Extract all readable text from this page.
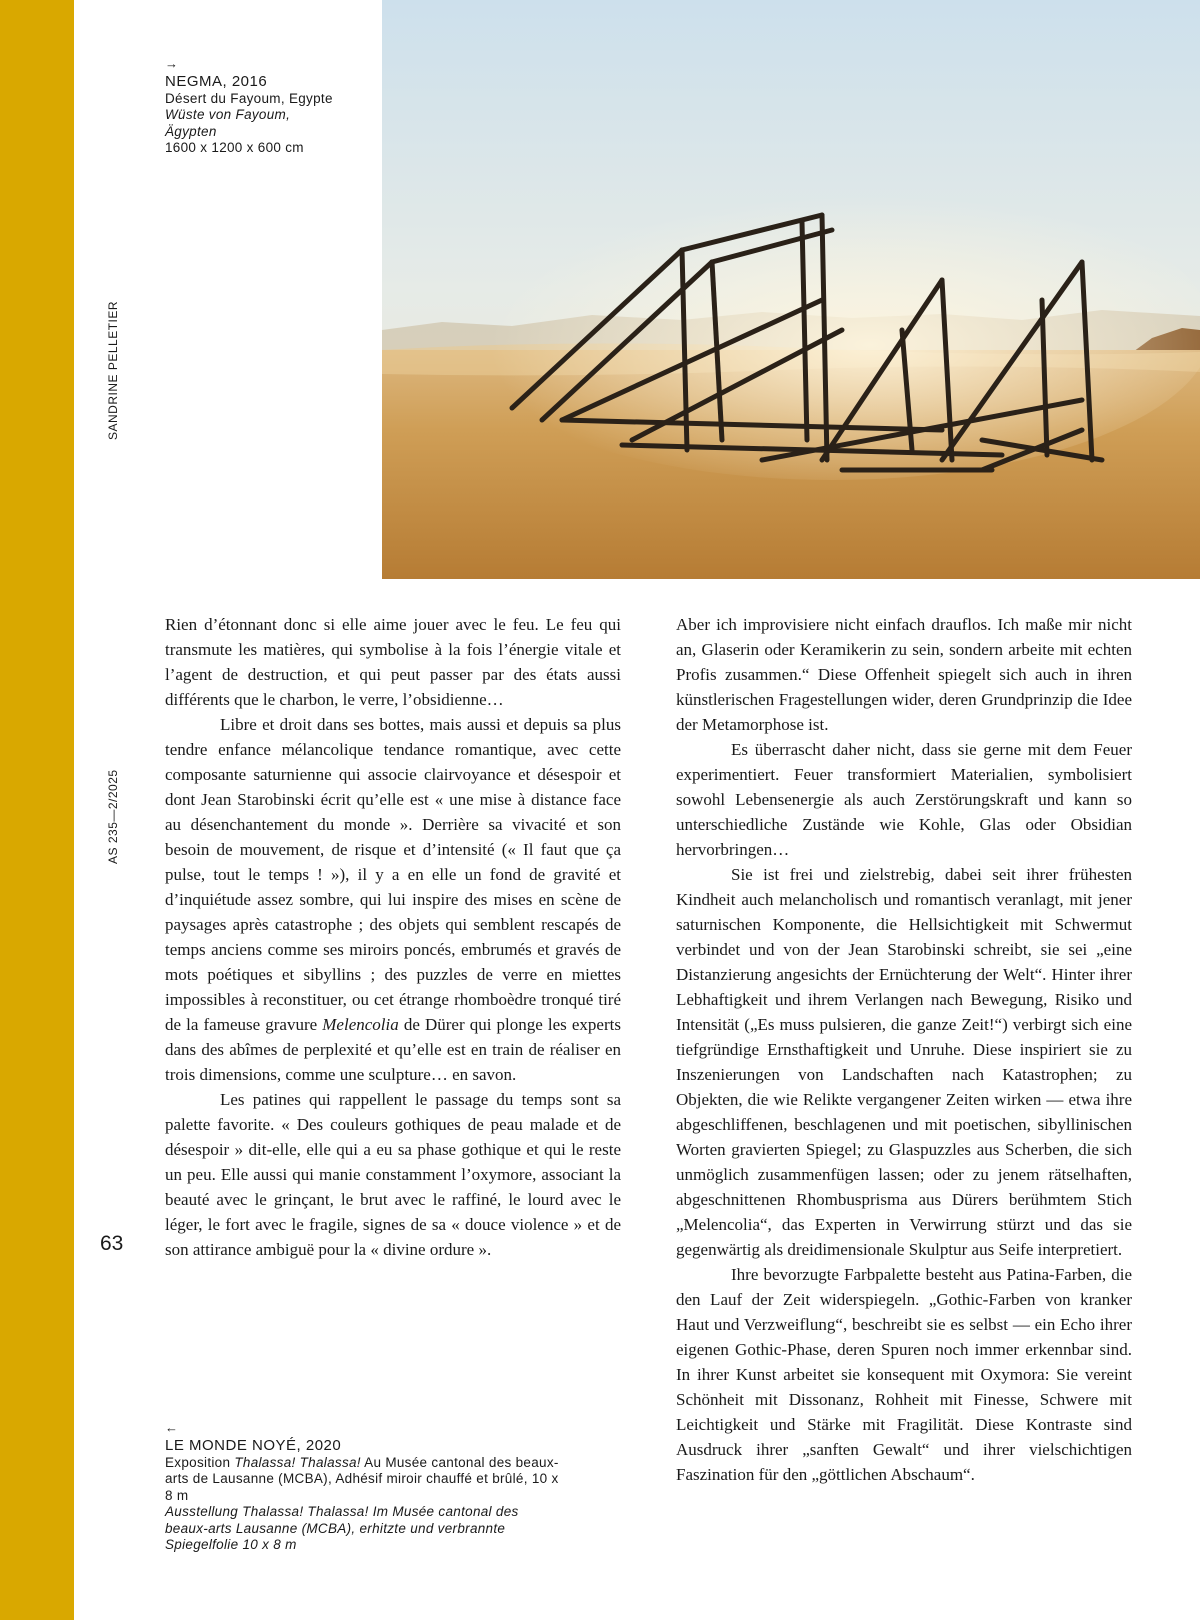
SANDRINE PELLETIER
AS 235—2/2025
63
→
NEGMA, 2016
Désert du Fayoum, Egypte
Wüste von Fayoum,
Ägypten
1600 x 1200 x 600 cm

Rien d’étonnant donc si elle aime jouer avec le feu. Le feu qui transmute les matières, qui symbolise à la fois l’énergie vitale et l’agent de destruction, et qui peut passer par des états aussi différents que le charbon, le verre, l’obsidienne…

Libre et droit dans ses bottes, mais aussi et depuis sa plus tendre enfance mélancolique tendance romantique, avec cette composante saturnienne qui associe clairvoyance et désespoir et dont Jean Starobinski écrit qu’elle est « une mise à distance face au désenchantement du monde ». Derrière sa vivacité et son besoin de mouvement, de risque et d’intensité (« Il faut que ça pulse, tout le temps ! »), il y a en elle un fond de gravité et d’inquiétude assez sombre, qui lui inspire des mises en scène de paysages après catastrophe ; des objets qui semblent rescapés de temps anciens comme ses miroirs poncés, embrumés et gravés de mots poétiques et sibyllins ; des puzzles de verre en miettes impossibles à reconstituer, ou cet étrange rhomboèdre tronqué tiré de la fameuse gravure Melencolia de Dürer qui plonge les experts dans des abîmes de perplexité et qu’elle est en train de réaliser en trois dimensions, comme une sculpture… en savon.

Les patines qui rappellent le passage du temps sont sa palette favorite. « Des couleurs gothiques de peau malade et de désespoir » dit-elle, elle qui a eu sa phase gothique et qui le reste un peu. Elle aussi qui manie constamment l’oxymore, associant la beauté avec le grinçant, le brut avec le raffiné, le lourd avec le léger, le fort avec le fragile, signes de sa « douce violence » et de son attirance ambiguë pour la « divine ordure ».

Aber ich improvisiere nicht einfach drauflos. Ich maße mir nicht an, Glaserin oder Keramikerin zu sein, sondern arbeite mit echten Profis zusammen.“ Diese Offenheit spiegelt sich auch in ihren künstlerischen Fragestellungen wider, deren Grundprinzip die Idee der Metamorphose ist.

Es überrascht daher nicht, dass sie gerne mit dem Feuer experimentiert. Feuer transformiert Materialien, symbolisiert sowohl Lebensenergie als auch Zerstörungskraft und kann so unterschiedliche Zustände wie Kohle, Glas oder Obsidian hervorbringen…

Sie ist frei und zielstrebig, dabei seit ihrer frühesten Kindheit auch melancholisch und romantisch veranlagt, mit jener saturnischen Komponente, die Hellsichtigkeit mit Schwermut verbindet und von der Jean Starobinski schreibt, sie sei „eine Distanzierung angesichts der Ernüchterung der Welt“. Hinter ihrer Lebhaftigkeit und ihrem Verlangen nach Bewegung, Risiko und Intensität („Es muss pulsieren, die ganze Zeit!“) verbirgt sich eine tiefgründige Ernsthaftigkeit und Unruhe. Diese inspiriert sie zu Inszenierungen von Landschaften nach Katastrophen; zu Objekten, die wie Relikte vergangener Zeiten wirken — etwa ihre abgeschliffenen, beschlagenen und mit poetischen, sibyllinischen Worten gravierten Spiegel; zu Glaspuzzles aus Scherben, die sich unmöglich zusammenfügen lassen; oder zu jenem rätselhaften, abgeschnittenen Rhombusprisma aus Dürers berühmtem Stich „Melencolia“, das Experten in Verwirrung stürzt und das sie gegenwärtig als dreidimensionale Skulptur aus Seife interpretiert.

Ihre bevorzugte Farbpalette besteht aus Patina-Farben, die den Lauf der Zeit widerspiegeln. „Gothic-Farben von kranker Haut und Verzweiflung“, beschreibt sie es selbst — ein Echo ihrer eigenen Gothic-Phase, deren Spuren noch immer erkennbar sind. In ihrer Kunst arbeitet sie konsequent mit Oxymora: Sie vereint Schönheit mit Dissonanz, Rohheit mit Finesse, Schwere mit Leichtigkeit und Stärke mit Fragilität. Diese Kontraste sind Ausdruck ihrer „sanften Gewalt“ und ihrer vielschichtigen Faszination für den „göttlichen Abschaum“.

←
LE MONDE NOYÉ, 2020
Exposition Thalassa! Thalassa! Au Musée cantonal des beaux-arts de Lausanne (MCBA), Adhésif miroir chauffé et brûlé, 10 x 8 m
Ausstellung Thalassa! Thalassa! Im Musée cantonal des beaux-arts Lausanne (MCBA), erhitzte und verbrannte Spiegelfolie 10 x 8 m
